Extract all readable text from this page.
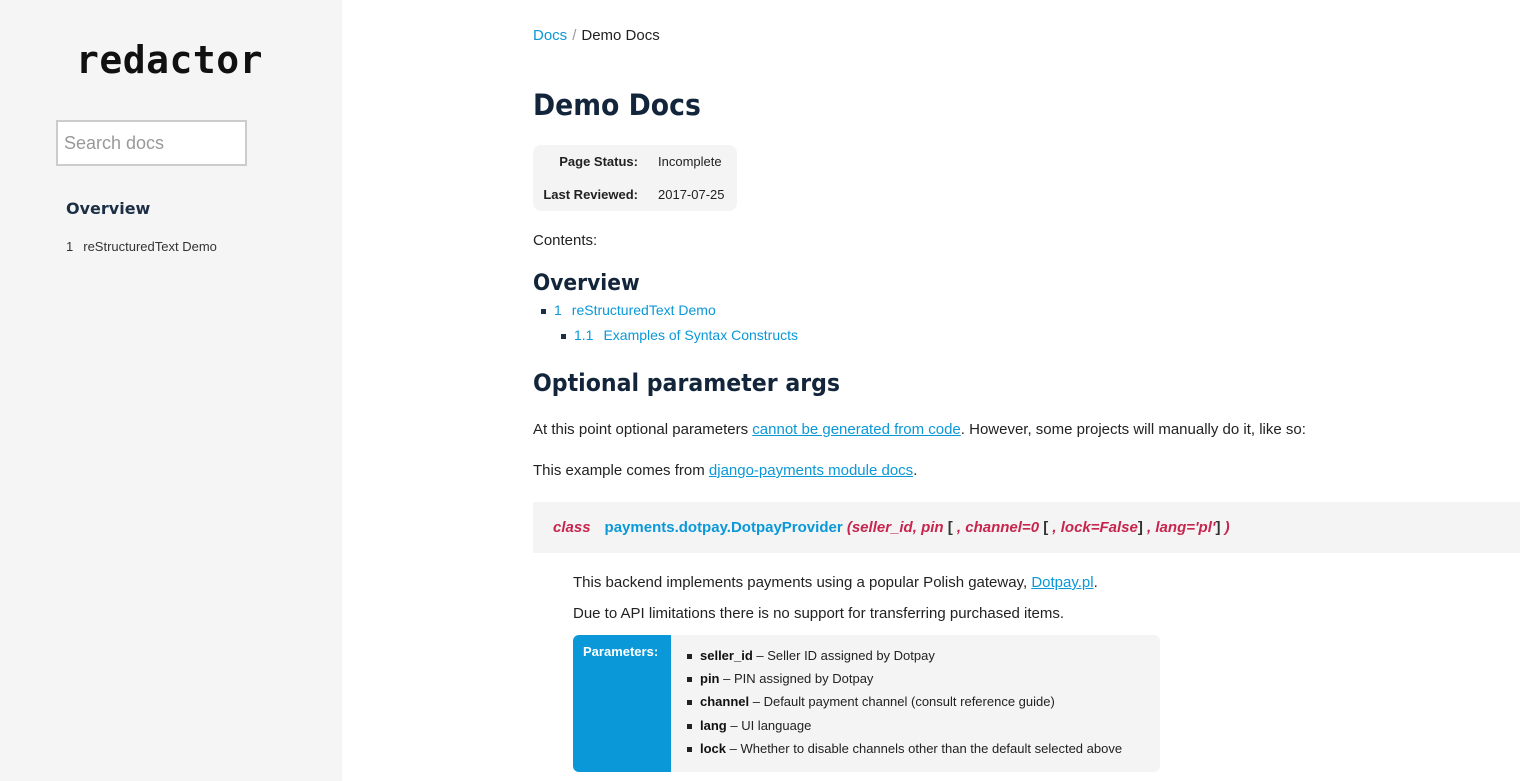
redactor
Search docs
Overview
1 reStructuredText Demo
Docs / Demo Docs
Demo Docs
Page Status: Incomplete
Last Reviewed: 2017-07-25
Contents:
Overview
1 reStructuredText Demo
1.1 Examples of Syntax Constructs
Optional parameter args
At this point optional parameters cannot be generated from code. However, some projects will manually do it, like so:
This example comes from django-payments module docs.
class payments.dotpay.DotpayProvider (seller_id, pin [ , channel=0 [ , lock=False] , lang='pl'] )
This backend implements payments using a popular Polish gateway, Dotpay.pl.
Due to API limitations there is no support for transferring purchased items.
Parameters:	seller_id – Seller ID assigned by Dotpay
pin – PIN assigned by Dotpay
channel – Default payment channel (consult reference guide)
lang – UI language
lock – Whether to disable channels other than the default selected above
